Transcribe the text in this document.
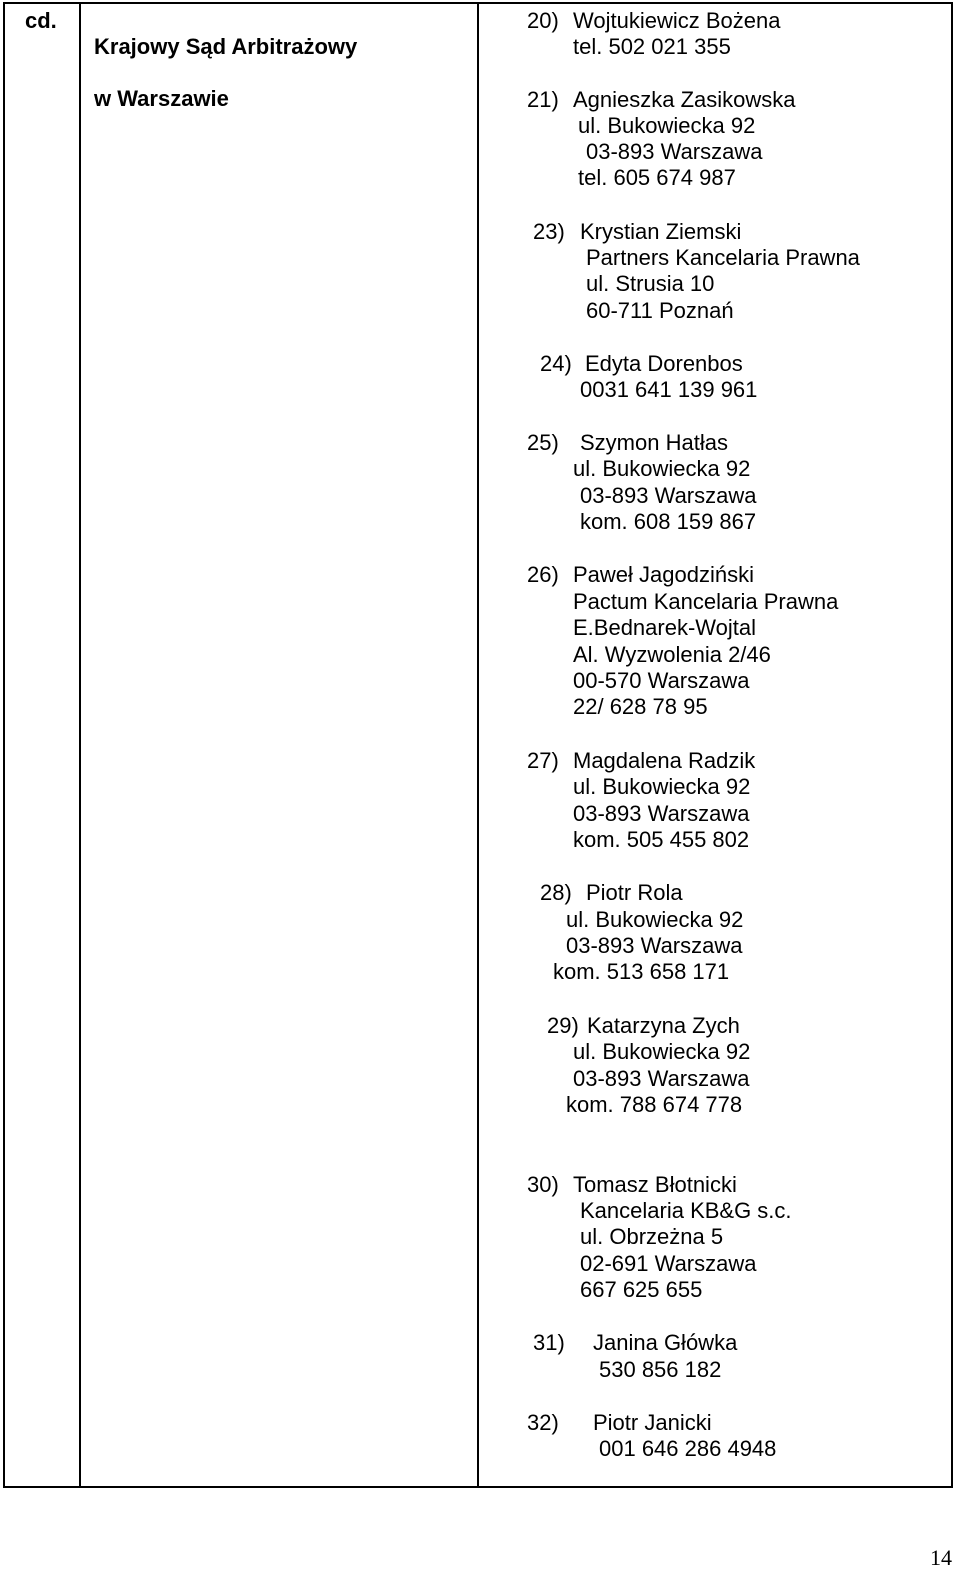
cd.

Krajowy Sąd Arbitrażowy

w Warszawie

20) Wojtukiewicz Bożena
tel. 502 021 355
21) Agnieszka Zasikowska
ul. Bukowiecka 92
03-893 Warszawa
tel. 605 674 987
23) Krystian Ziemski
Partners Kancelaria Prawna
ul. Strusia 10
60-711 Poznań
24) Edyta Dorenbos
0031 641 139 961
25) Szymon Hatłas
ul. Bukowiecka 92
03-893 Warszawa
kom. 608 159 867
26) Paweł Jagodziński
Pactum Kancelaria Prawna
E.Bednarek-Wojtal
Al. Wyzwolenia 2/46
00-570 Warszawa
22/ 628 78 95
27) Magdalena Radzik
ul. Bukowiecka 92
03-893 Warszawa
kom. 505 455 802
28) Piotr Rola
ul. Bukowiecka 92
03-893 Warszawa
kom. 513 658 171
29) Katarzyna Zych
ul. Bukowiecka 92
03-893 Warszawa
kom. 788 674 778
30) Tomasz Błotnicki
Kancelaria KB&G s.c.
ul. Obrzeżna 5
02-691 Warszawa
667 625 655
31) Janina Główka
530 856 182
32) Piotr Janicki
001 646 286 4948
14
